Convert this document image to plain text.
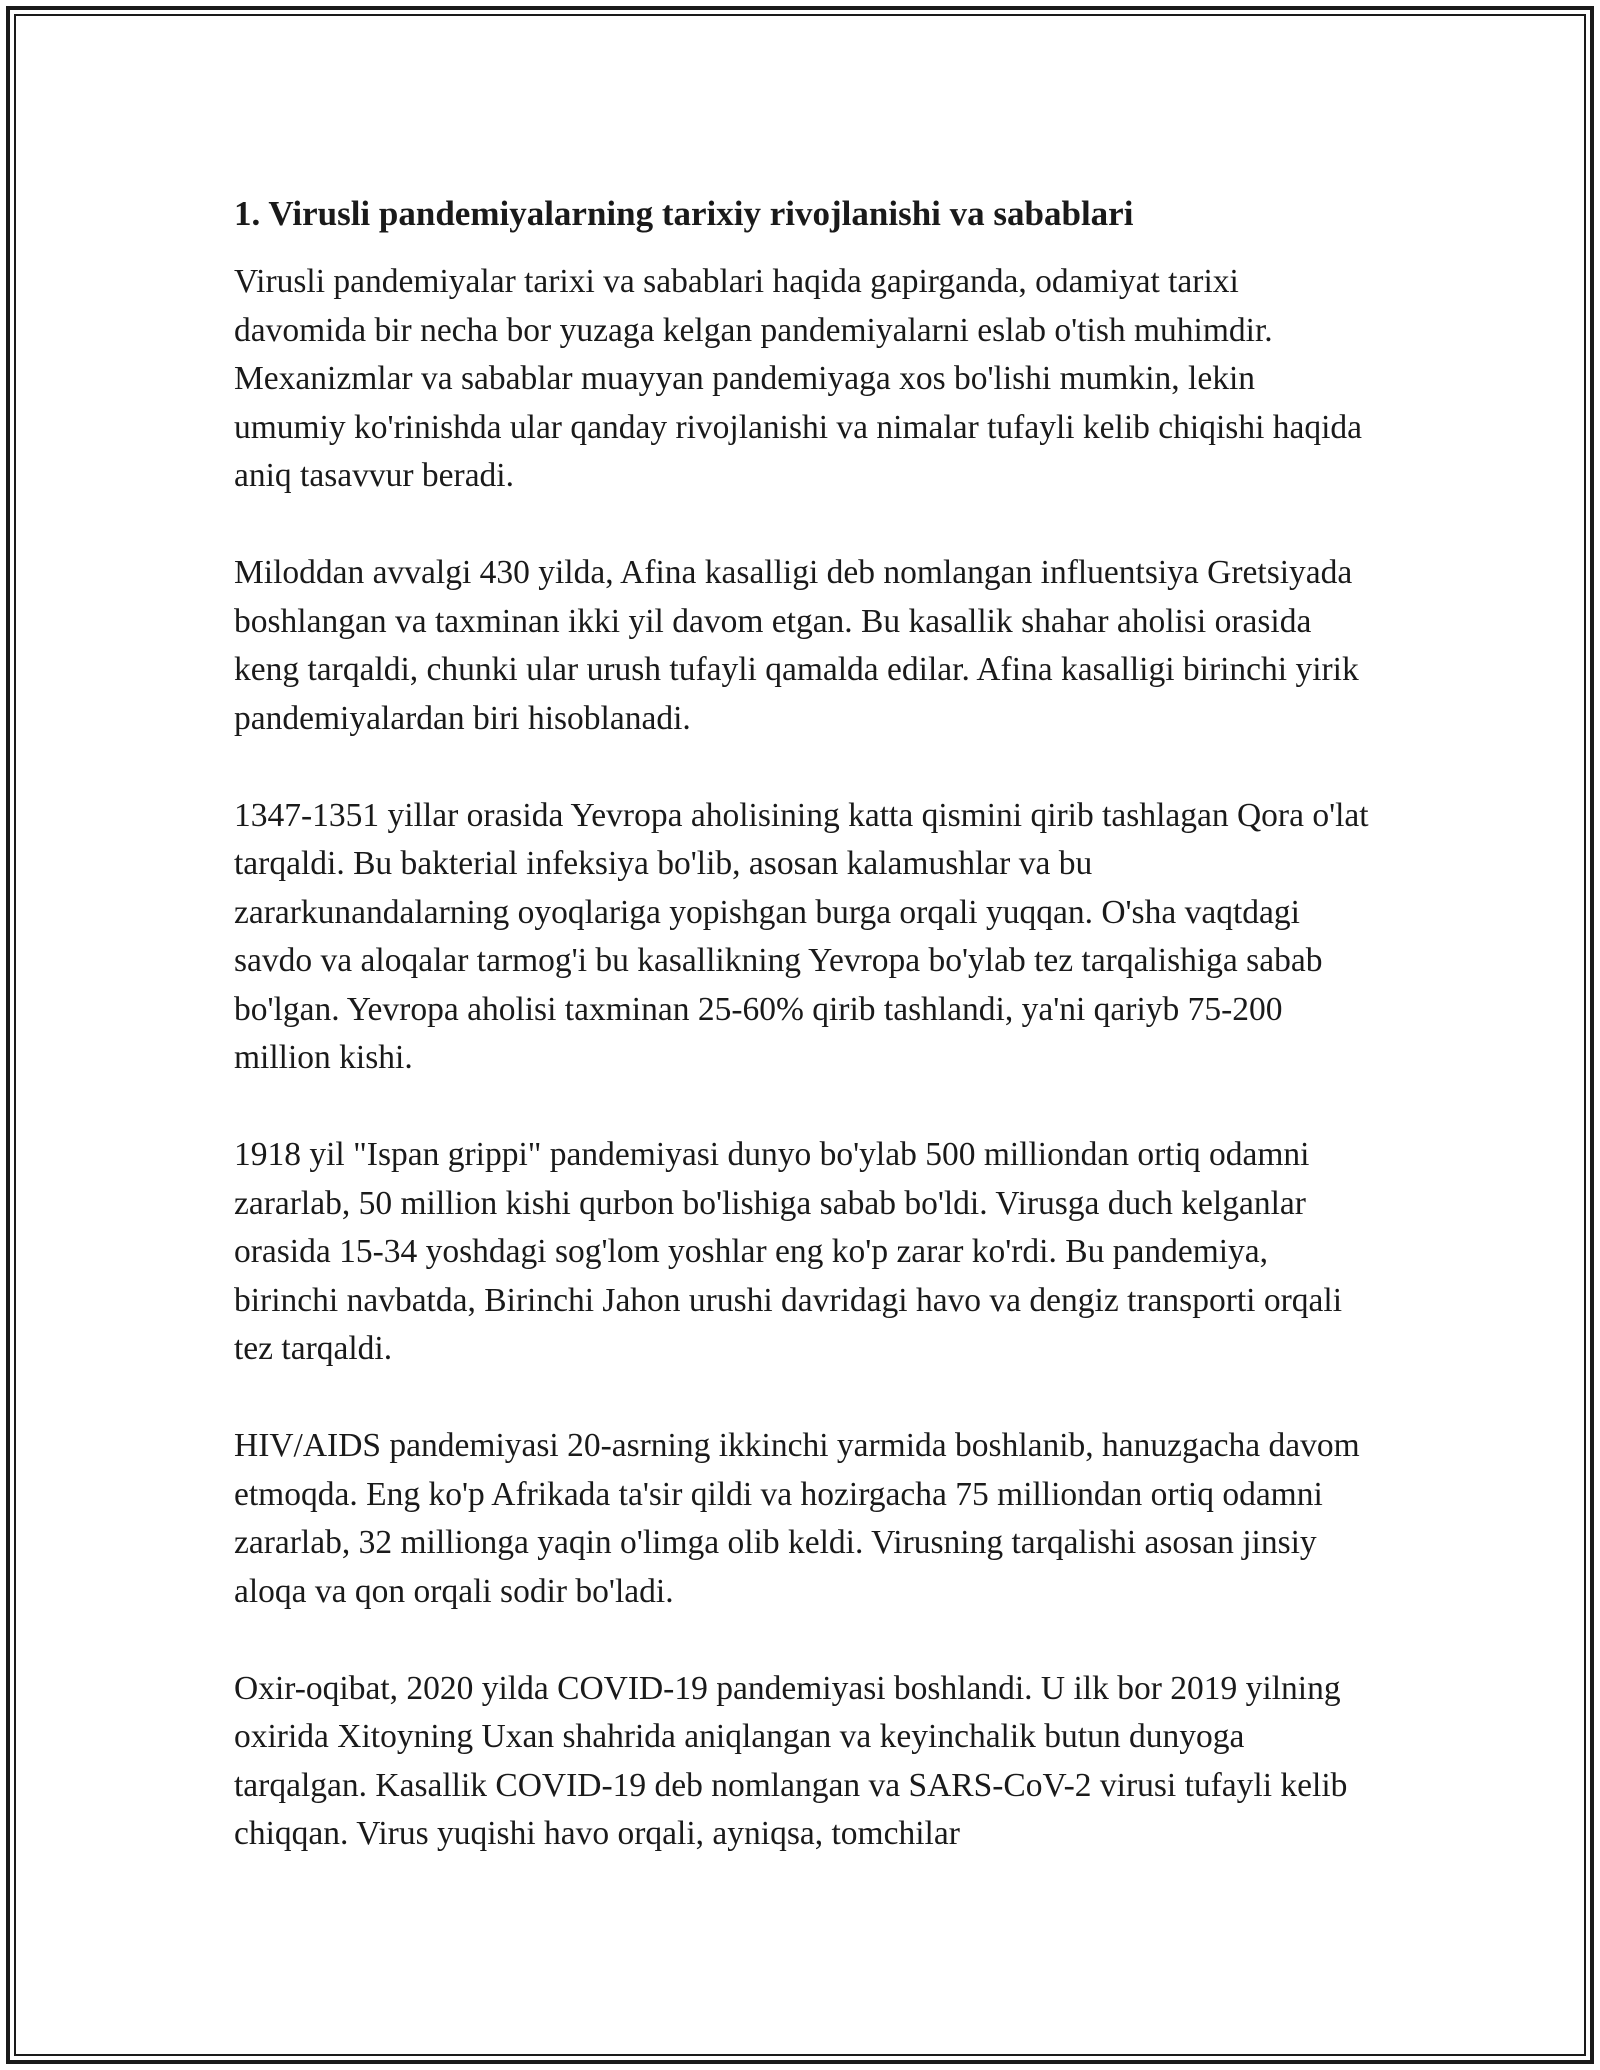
1. Virusli pandemiyalarning tarixiy rivojlanishi va sabablari

Virusli pandemiyalar tarixi va sabablari haqida gapirganda, odamiyat tarixi davomida bir necha bor yuzaga kelgan pandemiyalarni eslab o'tish muhimdir. Mexanizmlar va sabablar muayyan pandemiyaga xos bo'lishi mumkin, lekin umumiy ko'rinishda ular qanday rivojlanishi va nimalar tufayli kelib chiqishi haqida aniq tasavvur beradi.

Miloddan avvalgi 430 yilda, Afina kasalligi deb nomlangan influentsiya Gretsiyada boshlangan va taxminan ikki yil davom etgan. Bu kasallik shahar aholisi orasida keng tarqaldi, chunki ular urush tufayli qamalda edilar. Afina kasalligi birinchi yirik pandemiyalardan biri hisoblanadi.

1347-1351 yillar orasida Yevropa aholisining katta qismini qirib tashlagan Qora o'lat tarqaldi. Bu bakterial infeksiya bo'lib, asosan kalamushlar va bu zararkunandalarning oyoqlariga yopishgan burga orqali yuqqan. O'sha vaqtdagi savdo va aloqalar tarmog'i bu kasallikning Yevropa bo'ylab tez tarqalishiga sabab bo'lgan. Yevropa aholisi taxminan 25-60% qirib tashlandi, ya'ni qariyb 75-200 million kishi.

1918 yil "Ispan grippi" pandemiyasi dunyo bo'ylab 500 milliondan ortiq odamni zararlab, 50 million kishi qurbon bo'lishiga sabab bo'ldi. Virusga duch kelganlar orasida 15-34 yoshdagi sog'lom yoshlar eng ko'p zarar ko'rdi. Bu pandemiya, birinchi navbatda, Birinchi Jahon urushi davridagi havo va dengiz transporti orqali tez tarqaldi.

HIV/AIDS pandemiyasi 20-asrning ikkinchi yarmida boshlanib, hanuzgacha davom etmoqda. Eng ko'p Afrikada ta'sir qildi va hozirgacha 75 milliondan ortiq odamni zararlab, 32 millionga yaqin o'limga olib keldi. Virusning tarqalishi asosan jinsiy aloqa va qon orqali sodir bo'ladi.

Oxir-oqibat, 2020 yilda COVID-19 pandemiyasi boshlandi. U ilk bor 2019 yilning oxirida Xitoyning Uxan shahrida aniqlangan va keyinchalik butun dunyoga tarqalgan. Kasallik COVID-19 deb nomlangan va SARS-CoV-2 virusi tufayli kelib chiqqan. Virus yuqishi havo orqali, ayniqsa, tomchilar
